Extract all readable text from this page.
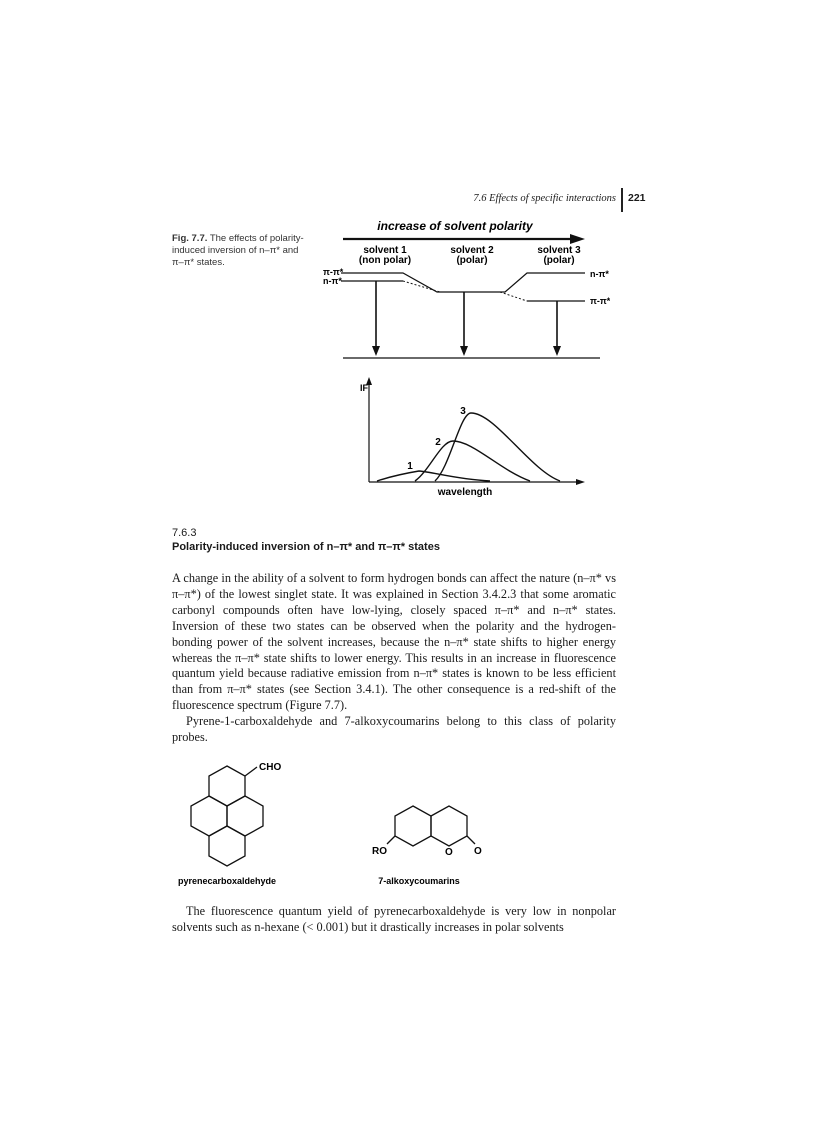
7.6 Effects of specific interactions 221
Fig. 7.7. The effects of polarity-induced inversion of n–π* and π–π* states.
increase of solvent polarity
solvent 1
(non polar)
solvent 2
(polar)
solvent 3
(polar)
π-π*
n-π*
n-π*
π-π*
IF
wavelength
1
2
3
7.6.3
Polarity-induced inversion of n–π* and π–π* states
A change in the ability of a solvent to form hydrogen bonds can affect the nature (n–π* vs π–π*) of the lowest singlet state. It was explained in Section 3.4.2.3 that some aromatic carbonyl compounds often have low-lying, closely spaced π–π* and n–π* states. Inversion of these two states can be observed when the polarity and the hydrogen-bonding power of the solvent increases, because the n–π* state shifts to higher energy whereas the π–π* state shifts to lower energy. This results in an increase in fluorescence quantum yield because radiative emission from n–π* states is known to be less efficient than from π–π* states (see Section 3.4.1). The other consequence is a red-shift of the fluorescence spectrum (Figure 7.7).
Pyrene-1-carboxaldehyde and 7-alkoxycoumarins belong to this class of polarity probes.
CHO
pyrenecarboxaldehyde
RO	O O
7-alkoxycoumarins
The fluorescence quantum yield of pyrenecarboxaldehyde is very low in nonpolar solvents such as n-hexane (< 0.001) but it drastically increases in polar solvents
